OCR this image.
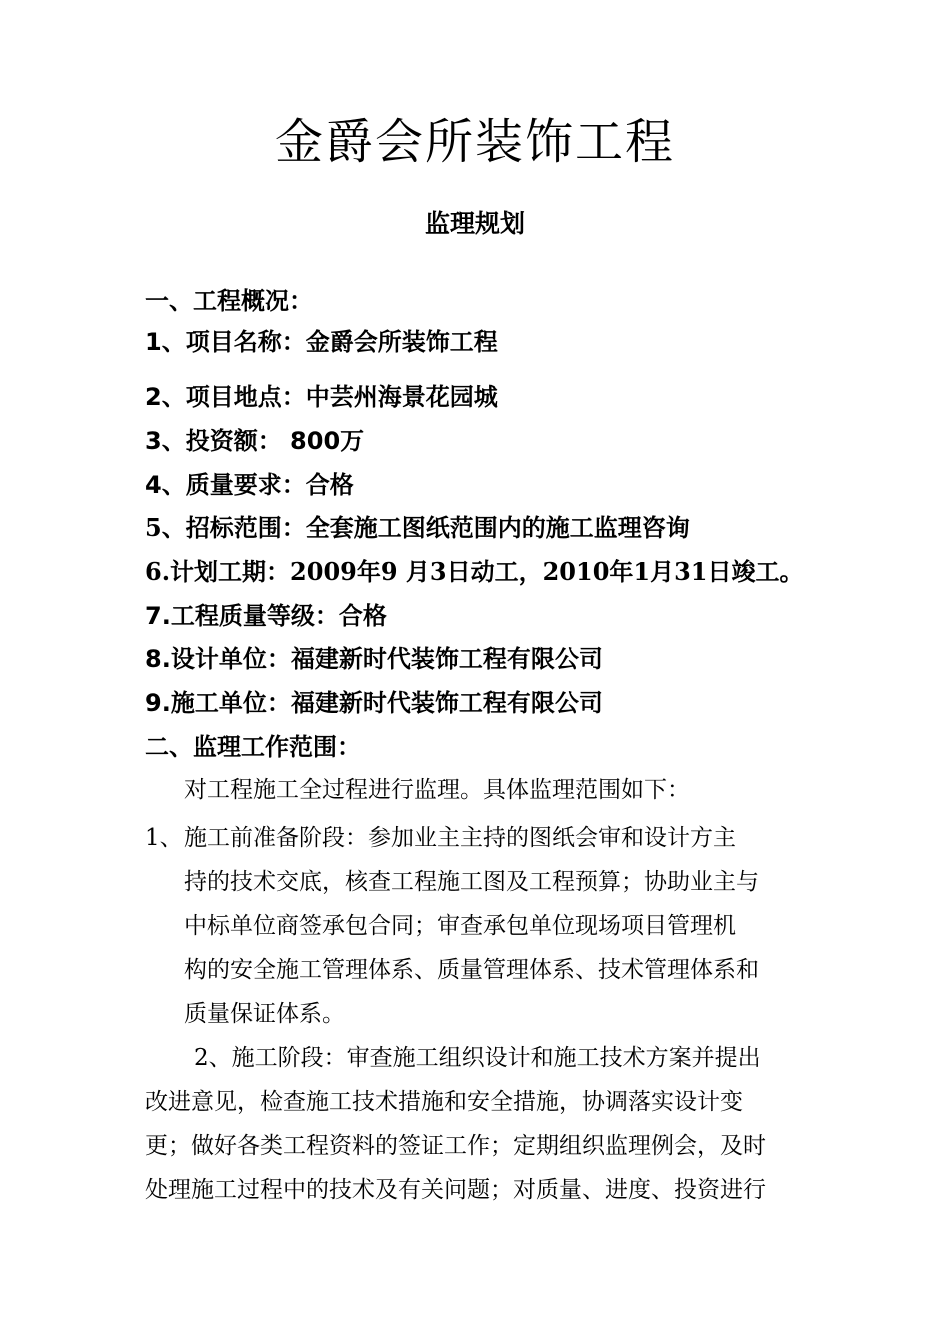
金爵会所装饰工程
监理规划
一、工程概况：
1、项目名称：金爵会所装饰工程
2、项目地点：中芸州海景花园城
3、投资额： 800万
4、质量要求：合格
5、招标范围：全套施工图纸范围内的施工监理咨询
6.计划工期：2009年9 月3日动工，2010年1月31日竣工。
7.工程质量等级：合格
8.设计单位：福建新时代装饰工程有限公司
9.施工单位：福建新时代装饰工程有限公司
二、监理工作范围：
对工程施工全过程进行监理。具体监理范围如下：
1、 施工前准备阶段：参加业主主持的图纸会审和设计方主
持的技术交底，核查工程施工图及工程预算；协助业主与
中标单位商签承包合同；审查承包单位现场项目管理机
构的安全施工管理体系、质量管理体系、技术管理体系和
质量保证体系。
2、施工阶段：审查施工组织设计和施工技术方案并提出
改进意见，检查施工技术措施和安全措施，协调落实设计变
更；做好各类工程资料的签证工作；定期组织监理例会，及时
处理施工过程中的技术及有关问题；对质量、进度、投资进行
